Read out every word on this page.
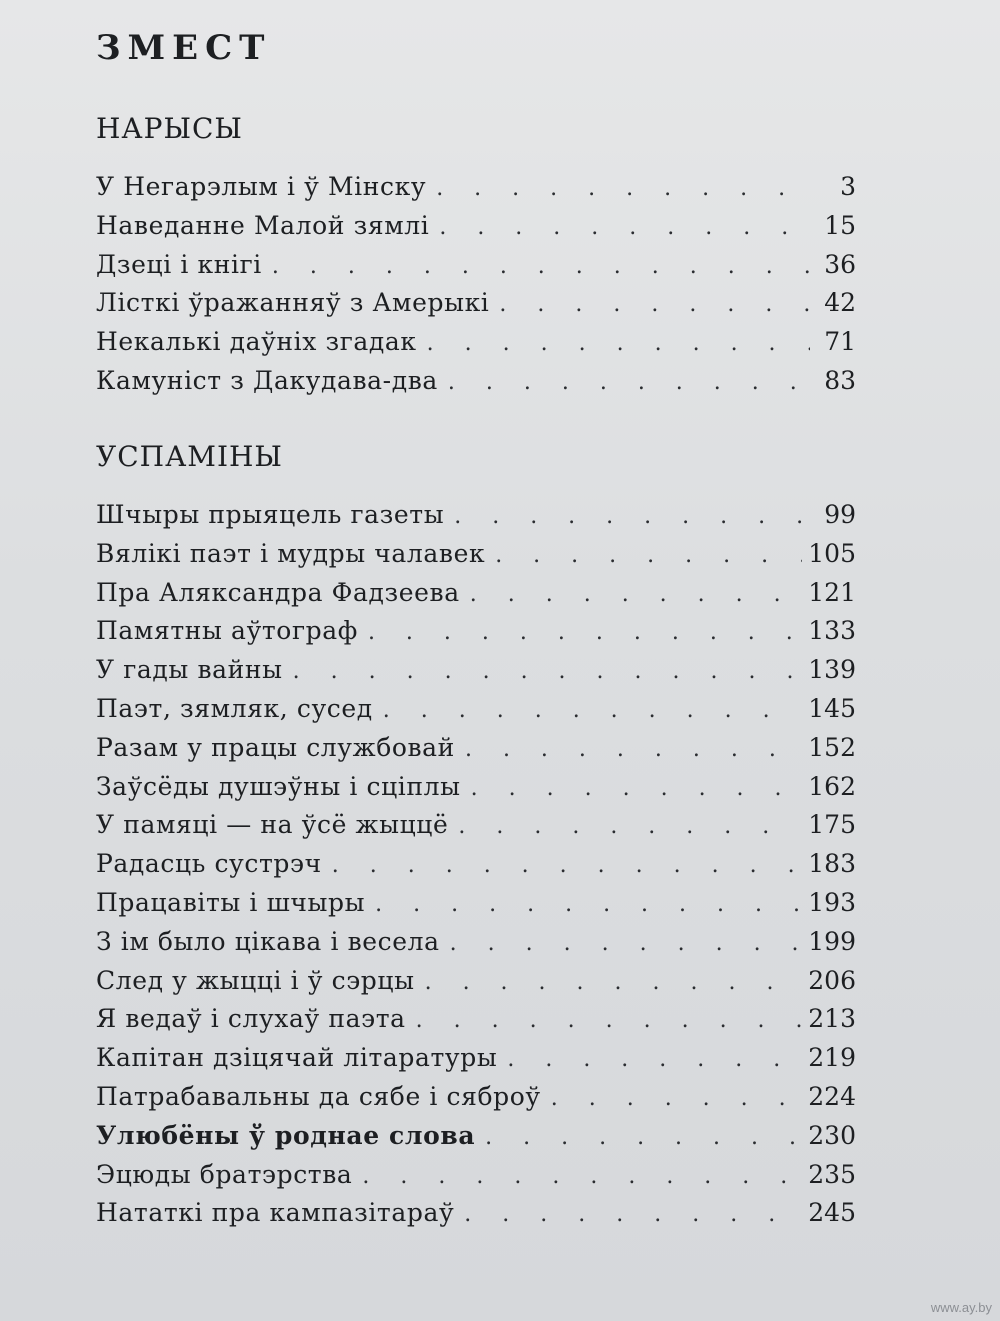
ЗМЕСТ
НАРЫСЫ
У Негарэлым і ў Мінску . . .	3
Наведанне Малой зямлі . . .	15
Дзеці і кнігі . . .	36
Лісткі ўражанняў з Амерыкі . . .	42
Некалькі даўніх згадак . . .	71
Камуніст з Дакудава-два . . .	83
УСПАМІНЫ
Шчыры прыяцель газеты . . .	99
Вялікі паэт і мудры чалавек . . .	105
Пра Аляксандра Фадзеева . . .	121
Памятны аўтограф . . .	133
У гады вайны . . .	139
Паэт, зямляк, сусед . . .	145
Разам у працы службовай . . .	152
Заўсёды душэўны і сціплы . . .	162
У памяці — на ўсё жыццё . . .	175
Радасць сустрэч . . .	183
Працавіты і шчыры . . .	193
З ім было цікава і весела . . .	199
След у жыцці і ў сэрцы . . .	206
Я ведаў і слухаў паэта . . .	213
Капітан дзіцячай літаратуры . . .	219
Патрабавальны да сябе і сяброў . . .	224
Улюбёны ў роднае слова . . .	230
Эцюды братэрства . . .	235
Нататкі пра кампазітараў . . .	245
www.ay.by
